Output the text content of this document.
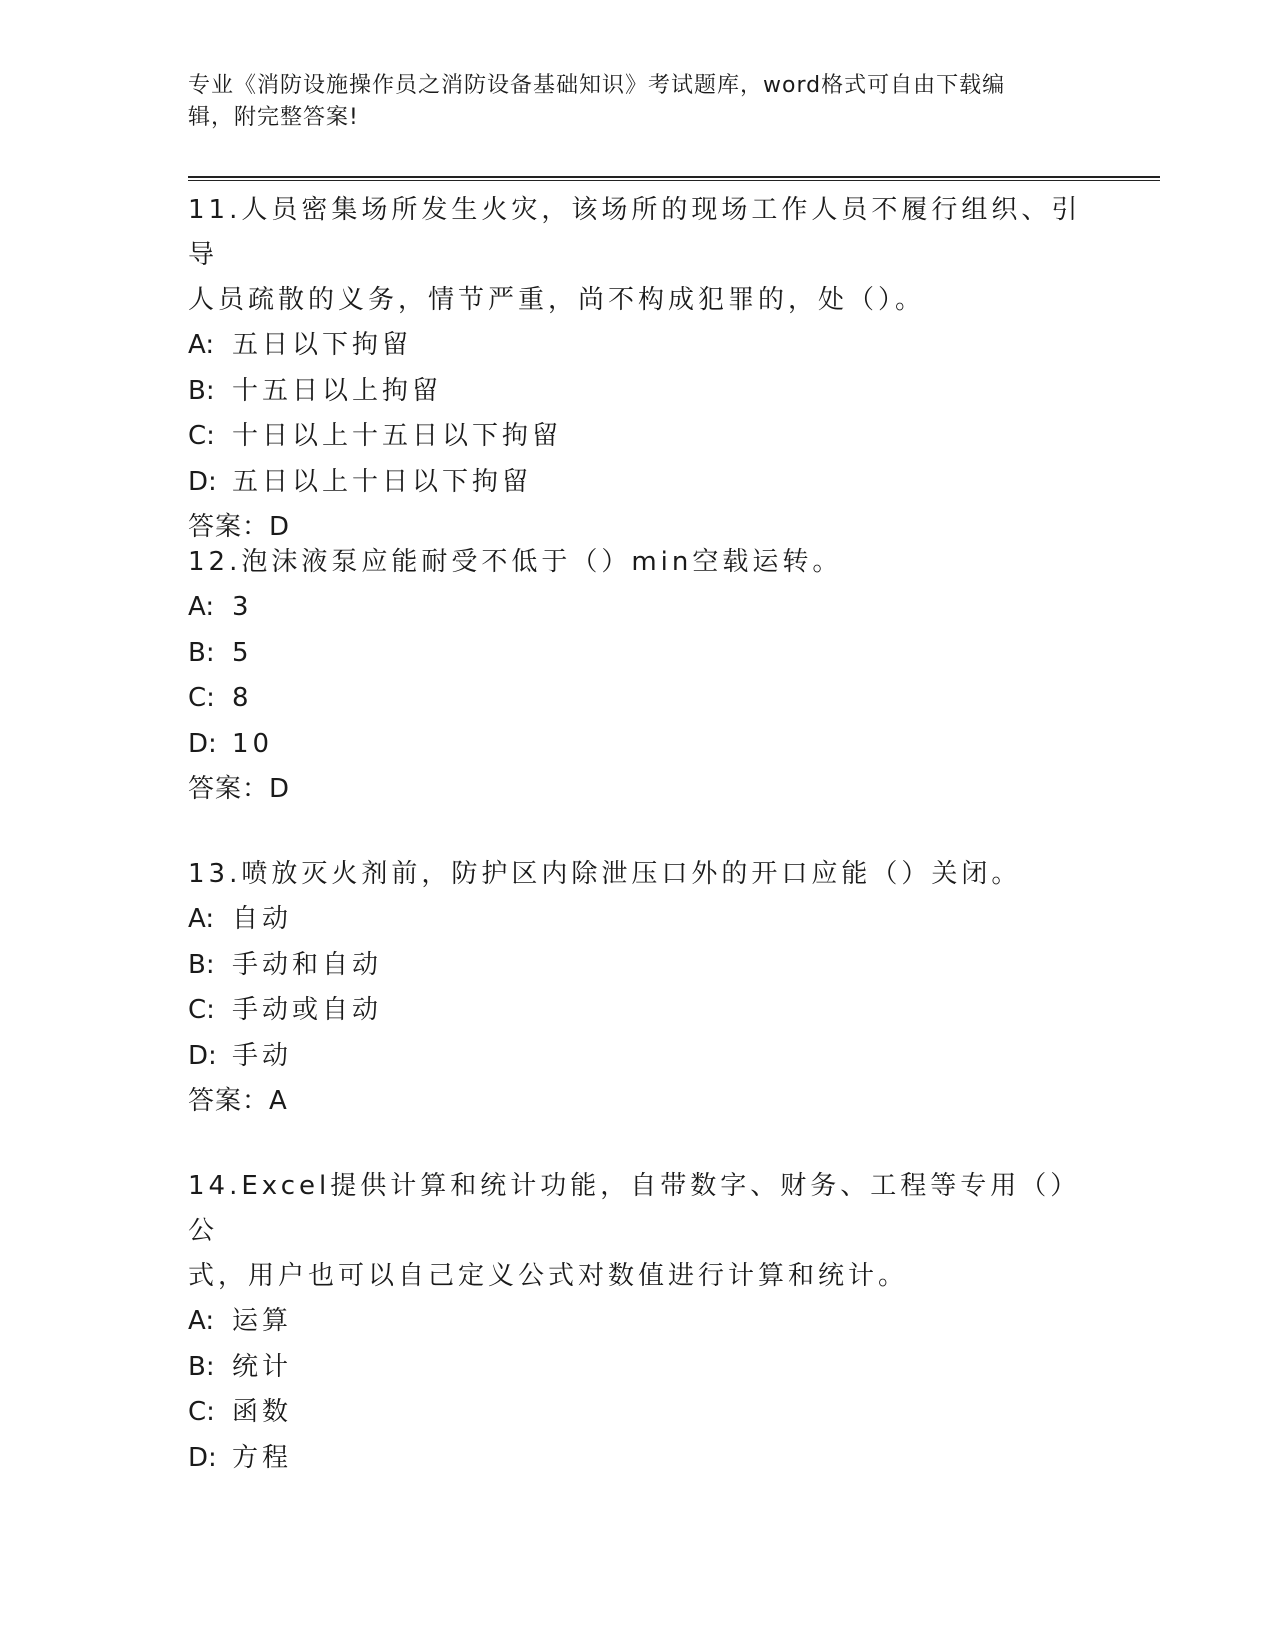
专业《消防设施操作员之消防设备基础知识》考试题库，word格式可自由下载编
辑，附完整答案!

11.人员密集场所发生火灾，该场所的现场工作人员不履行组织、引导

人员疏散的义务，情节严重，尚不构成犯罪的，处（）。

A: 五日以下拘留

B: 十五日以上拘留

C: 十日以上十五日以下拘留

D: 五日以上十日以下拘留

答案：D

12.泡沫液泵应能耐受不低于（）min空载运转。

A: 3

B: 5

C: 8

D: 10

答案：D

13.喷放灭火剂前，防护区内除泄压口外的开口应能（）关闭。

A: 自动

B: 手动和自动

C: 手动或自动

D: 手动

答案：A

14.Excel提供计算和统计功能，自带数字、财务、工程等专用（）公

式，用户也可以自己定义公式对数值进行计算和统计。

A: 运算

B: 统计

C: 函数

D: 方程
